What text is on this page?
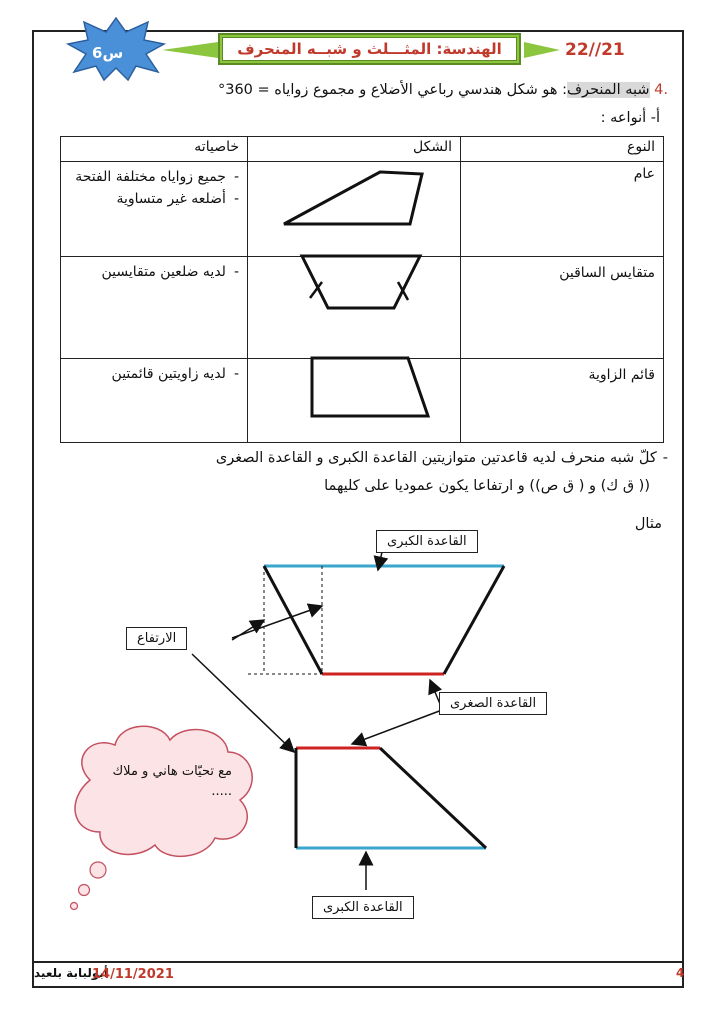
س6	الهندسة: المثـــلث و شبــه المنحرف	22//21
.4 شبه المنحرف: هو شكل هندسي رباعي الأضلاع و مجموع زواياه = 360°
أ- أنواعه :
النوع	الشكل	خاصياته
عام		-جميع زواياه مختلفة الفتحة
-أضلعه غير متساوية

متقايس الساقين		-لديه ضلعين متقايسين

قائم الزاوية		-لديه زاويتين قائمتين
-كلّ شبه منحرف لديه قاعدتين متوازيتين القاعدة الكبرى و القاعدة الصغرى
(( ق ك) و ( ق ص)) و ارتفاعا يكون عموديا على كليهما
مثال
القاعدة الكبرى
الارتفاع
القاعدة الصغرى
القاعدة الكبرى
مع تحيّات هاني و ملاك .....
أبولبابة بلعيد
14/11/2021	4
